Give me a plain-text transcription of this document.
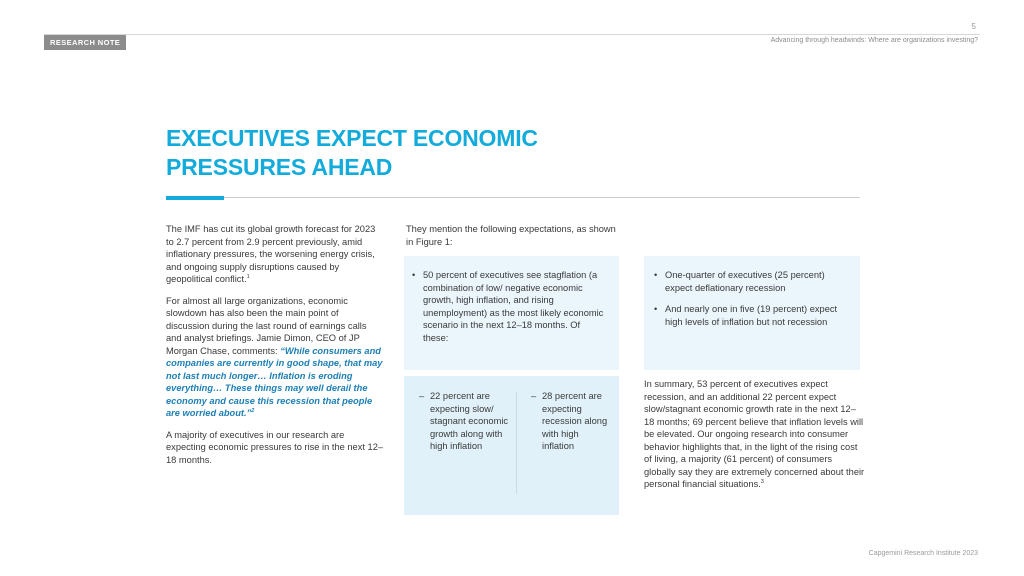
5
RESEARCH NOTE	Advancing through headwinds: Where are organizations investing?
EXECUTIVES EXPECT ECONOMIC
PRESSURES AHEAD

The IMF has cut its global growth forecast for 2023 to 2.7 percent from 2.9 percent previously, amid inflationary pressures, the worsening energy crisis, and ongoing supply disruptions caused by geopolitical conflict.$^1$

For almost all large organizations, economic slowdown has also been the main point of discussion during the last round of earnings calls and analyst briefings. Jamie Dimon, CEO of JP Morgan Chase, comments: “While consumers and companies are currently in good shape, that may not last much longer… Inflation is eroding everything… These things may well derail the economy and cause this recession that people are worried about.”$^2$

A majority of executives in our research are expecting economic pressures to rise in the next 12–18 months.

They mention the following expectations, as shown in Figure 1:
• 50 percent of executives see stagflation (a combination of low/ negative economic growth, high inflation, and rising unemployment) as the most likely economic scenario in the next 12–18 months. Of these:
– 22 percent are expecting slow/ stagnant economic growth along with high inflation
– 28 percent are expecting recession along with high inflation
• One-quarter of executives (25 percent) expect deflationary recession
• And nearly one in five (19 percent) expect high levels of inflation but not recession
In summary, 53 percent of executives expect recession, and an additional 22 percent expect slow/stagnant economic growth rate in the next 12–18 months; 69 percent believe that inflation levels will be elevated. Our ongoing research into consumer behavior highlights that, in the light of the rising cost of living, a majority (61 percent) of consumers globally say they are extremely concerned about their personal financial situations.$^3$
Capgemini Research Institute 2023
